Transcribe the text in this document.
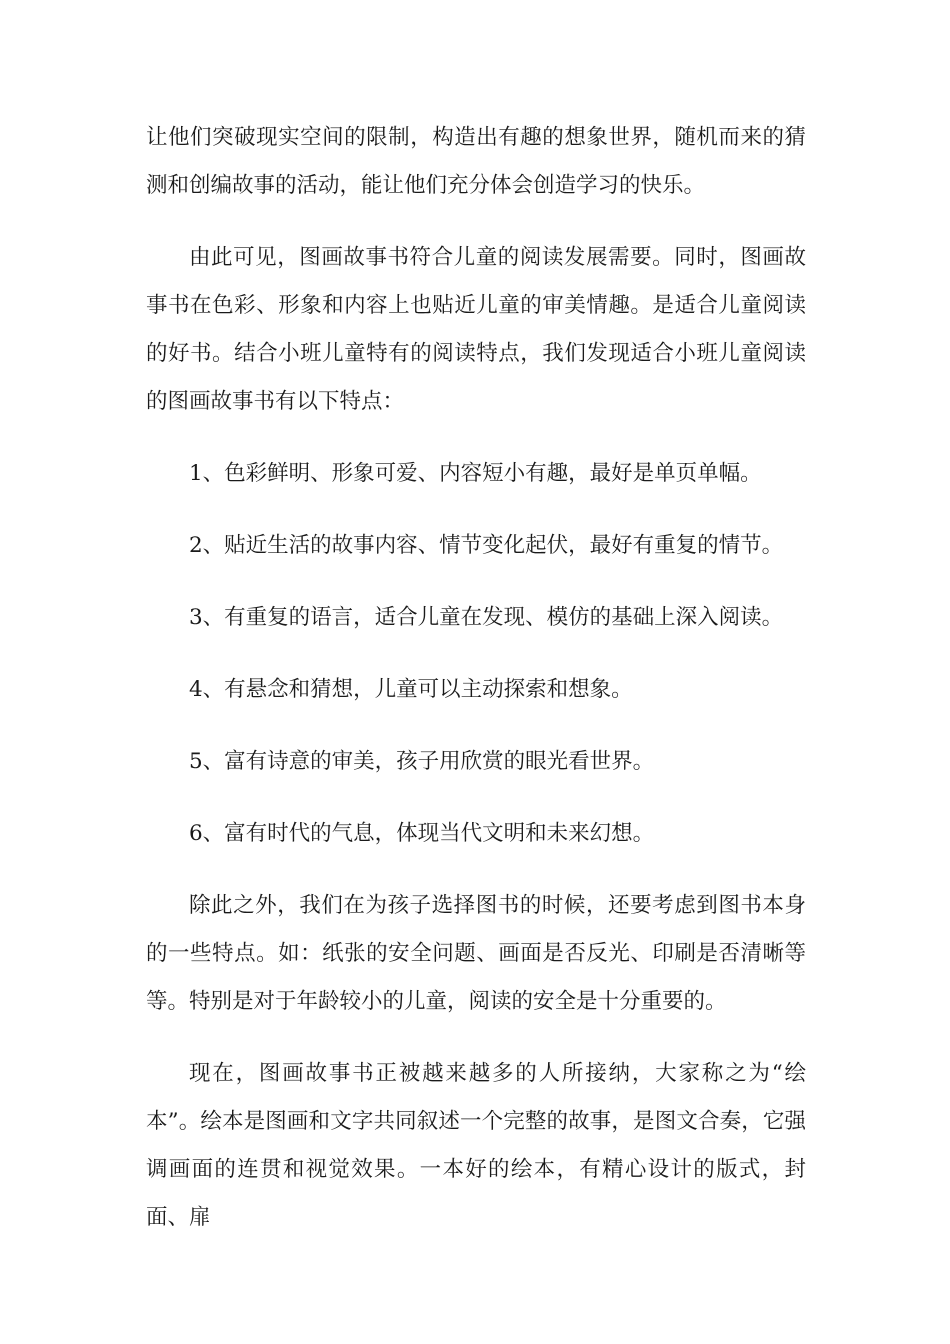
让他们突破现实空间的限制，构造出有趣的想象世界，随机而来的猜测和创编故事的活动，能让他们充分体会创造学习的快乐。

由此可见，图画故事书符合儿童的阅读发展需要。同时，图画故事书在色彩、形象和内容上也贴近儿童的审美情趣。是适合儿童阅读的好书。结合小班儿童特有的阅读特点，我们发现适合小班儿童阅读的图画故事书有以下特点：

1、色彩鲜明、形象可爱、内容短小有趣，最好是单页单幅。

2、贴近生活的故事内容、情节变化起伏，最好有重复的情节。

3、有重复的语言，适合儿童在发现、模仿的基础上深入阅读。

4、有悬念和猜想，儿童可以主动探索和想象。

5、富有诗意的审美，孩子用欣赏的眼光看世界。

6、富有时代的气息，体现当代文明和未来幻想。

除此之外，我们在为孩子选择图书的时候，还要考虑到图书本身的一些特点。如：纸张的安全问题、画面是否反光、印刷是否清晰等等。特别是对于年龄较小的儿童，阅读的安全是十分重要的。

现在，图画故事书正被越来越多的人所接纳，大家称之为“绘本”。绘本是图画和文字共同叙述一个完整的故事，是图文合奏，它强调画面的连贯和视觉效果。一本好的绘本，有精心设计的版式，封面、扉
